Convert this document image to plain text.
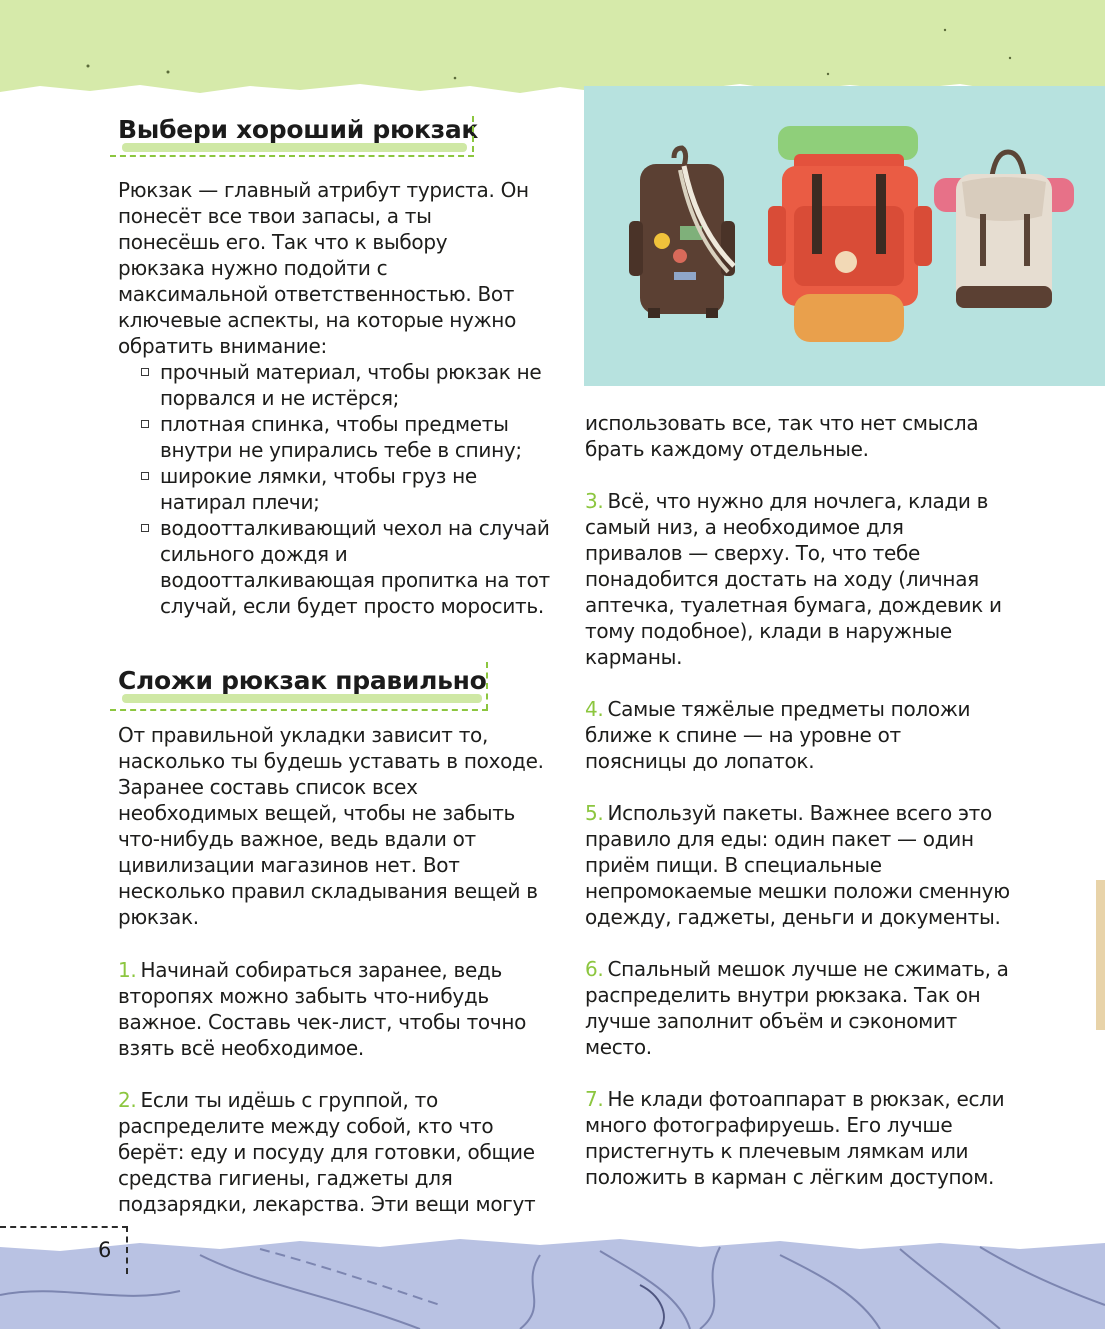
Выбери хороший рюкзак

Рюкзак — главный атрибут туриста. Он понесёт все твои запасы, а ты понесёшь его. Так что к выбору рюкзака нужно подойти с максимальной ответственностью. Вот ключевые аспекты, на которые нужно обратить внимание:

прочный материал, чтобы рюкзак не порвался и не истёрся;
плотная спинка, чтобы предметы внутри не упирались тебе в спину;
широкие лямки, чтобы груз не натирал плечи;
водоотталкивающий чехол на случай сильного дождя и водоотталкивающая пропитка на тот случай, если будет просто моросить.
Сложи рюкзак правильно

От правильной укладки зависит то, насколько ты будешь уставать в походе. Заранее составь список всех необходимых вещей, чтобы не забыть что-нибудь важное, ведь вдали от цивилизации магазинов нет. Вот несколько правил складывания вещей в рюкзак.

1. Начинай собираться заранее, ведь второпях можно забыть что-нибудь важное. Составь чек-лист, чтобы точно взять всё необходимое.

2. Если ты идёшь с группой, то распределите между собой, кто что берёт: еду и посуду для готовки, общие средства гигиены, гаджеты для подзарядки, лекарства. Эти вещи могут

использовать все, так что нет смысла брать каждому отдельные.

3. Всё, что нужно для ночлега, клади в самый низ, а необходимое для привалов — сверху. То, что тебе понадобится достать на ходу (личная аптечка, туалетная бумага, дождевик и тому подобное), клади в наружные карманы.

4. Самые тяжёлые предметы положи ближе к спине — на уровне от поясницы до лопаток.

5. Используй пакеты. Важнее всего это правило для еды: один пакет — один приём пищи. В специальные непромокаемые мешки положи сменную одежду, гаджеты, деньги и документы.

6. Спальный мешок лучше не сжимать, а распределить внутри рюкзака. Так он лучше заполнит объём и сэкономит место.

7. Не клади фотоаппарат в рюкзак, если много фотографируешь. Его лучше пристегнуть к плечевым лямкам или положить в карман с лёгким доступом.

6
